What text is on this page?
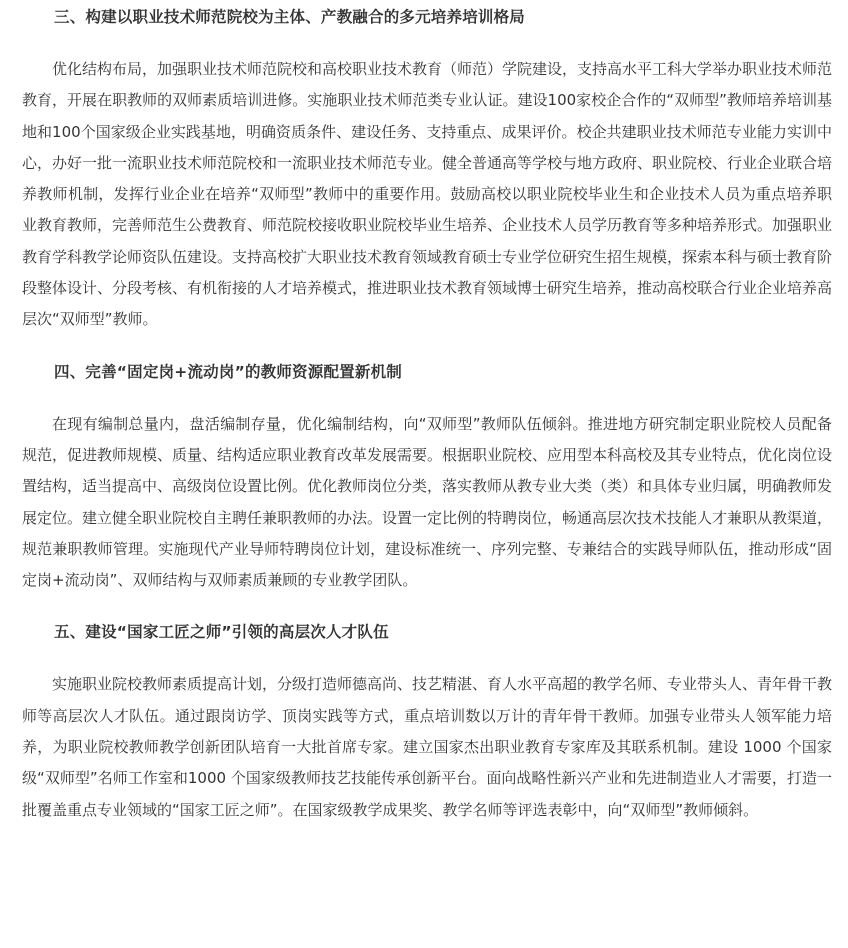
三、构建以职业技术师范院校为主体、产教融合的多元培养培训格局

优化结构布局，加强职业技术师范院校和高校职业技术教育（师范）学院建设，支持高水平工科大学举办职业技术师范教育，开展在职教师的双师素质培训进修。实施职业技术师范类专业认证。建设100家校企合作的“双师型”教师培养培训基地和100个国家级企业实践基地，明确资质条件、建设任务、支持重点、成果评价。校企共建职业技术师范专业能力实训中心，办好一批一流职业技术师范院校和一流职业技术师范专业。健全普通高等学校与地方政府、职业院校、行业企业联合培养教师机制，发挥行业企业在培养“双师型”教师中的重要作用。鼓励高校以职业院校毕业生和企业技术人员为重点培养职业教育教师，完善师范生公费教育、师范院校接收职业院校毕业生培养、企业技术人员学历教育等多种培养形式。加强职业教育学科教学论师资队伍建设。支持高校扩大职业技术教育领域教育硕士专业学位研究生招生规模，探索本科与硕士教育阶段整体设计、分段考核、有机衔接的人才培养模式，推进职业技术教育领域博士研究生培养，推动高校联合行业企业培养高层次“双师型”教师。

四、完善“固定岗+流动岗”的教师资源配置新机制

在现有编制总量内，盘活编制存量，优化编制结构，向“双师型”教师队伍倾斜。推进地方研究制定职业院校人员配备规范，促进教师规模、质量、结构适应职业教育改革发展需要。根据职业院校、应用型本科高校及其专业特点，优化岗位设置结构，适当提高中、高级岗位设置比例。优化教师岗位分类，落实教师从教专业大类（类）和具体专业归属，明确教师发展定位。建立健全职业院校自主聘任兼职教师的办法。设置一定比例的特聘岗位，畅通高层次技术技能人才兼职从教渠道，规范兼职教师管理。实施现代产业导师特聘岗位计划，建设标准统一、序列完整、专兼结合的实践导师队伍，推动形成“固定岗+流动岗”、双师结构与双师素质兼顾的专业教学团队。

五、建设“国家工匠之师”引领的高层次人才队伍

实施职业院校教师素质提高计划，分级打造师德高尚、技艺精湛、育人水平高超的教学名师、专业带头人、青年骨干教师等高层次人才队伍。通过跟岗访学、顶岗实践等方式，重点培训数以万计的青年骨干教师。加强专业带头人领军能力培养，为职业院校教师教学创新团队培育一大批首席专家。建立国家杰出职业教育专家库及其联系机制。建设 1000 个国家级“双师型”名师工作室和1000 个国家级教师技艺技能传承创新平台。面向战略性新兴产业和先进制造业人才需要，打造一批覆盖重点专业领域的“国家工匠之师”。在国家级教学成果奖、教学名师等评选表彰中，向“双师型”教师倾斜。
